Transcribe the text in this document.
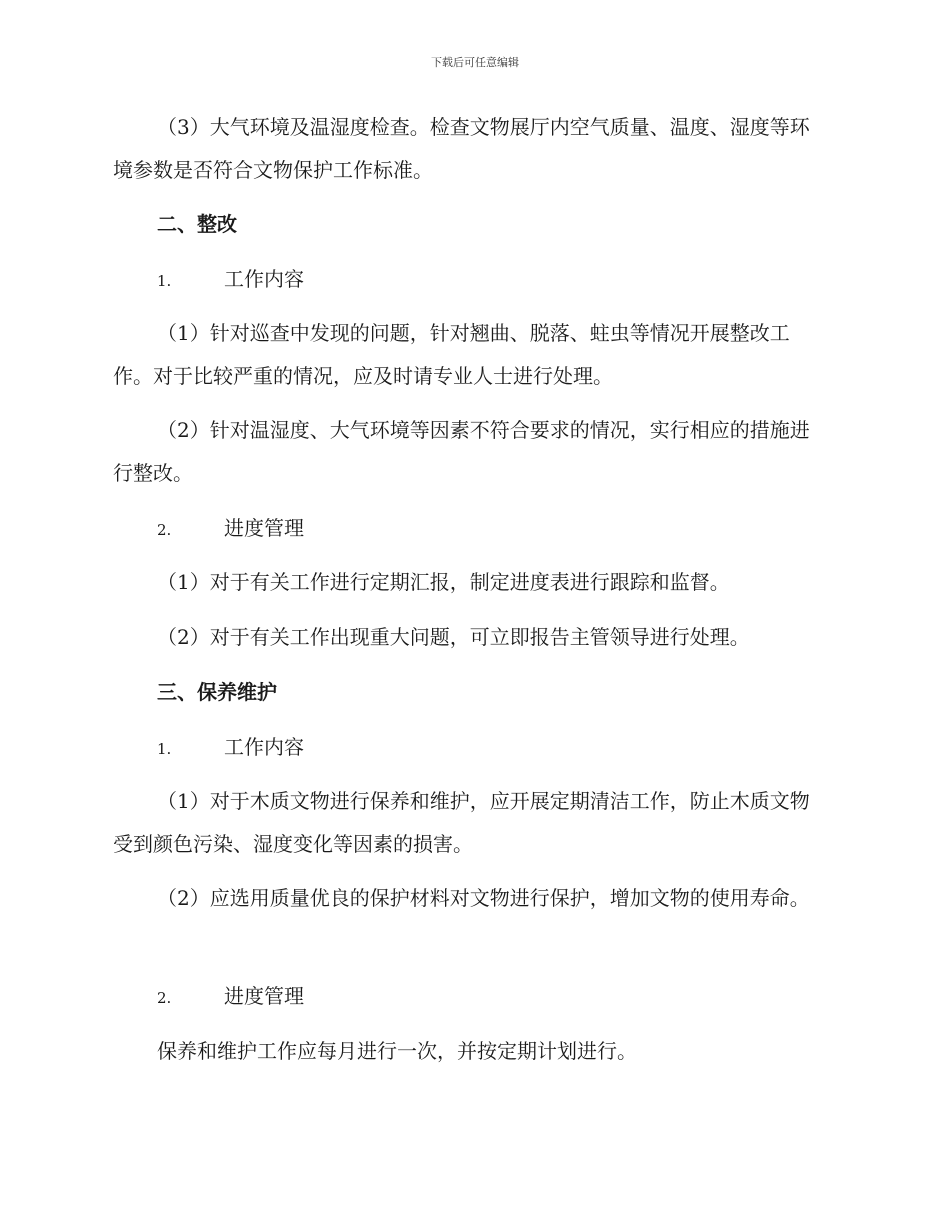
下载后可任意编辑

（3）大气环境及温湿度检查。检查文物展厅内空气质量、温度、湿度等环境参数是否符合文物保护工作标准。

二、整改
1.	工作内容

（1）针对巡查中发现的问题，针对翘曲、脱落、蛀虫等情况开展整改工作。对于比较严重的情况，应及时请专业人士进行处理。

（2）针对温湿度、大气环境等因素不符合要求的情况，实行相应的措施进行整改。

2.	进度管理

（1）对于有关工作进行定期汇报，制定进度表进行跟踪和监督。

（2）对于有关工作出现重大问题，可立即报告主管领导进行处理。

三、保养维护
1.	工作内容

（1）对于木质文物进行保养和维护，应开展定期清洁工作，防止木质文物受到颜色污染、湿度变化等因素的损害。

（2）应选用质量优良的保护材料对文物进行保护，增加文物的使用寿命。

2.	进度管理
保养和维护工作应每月进行一次，并按定期计划进行。
